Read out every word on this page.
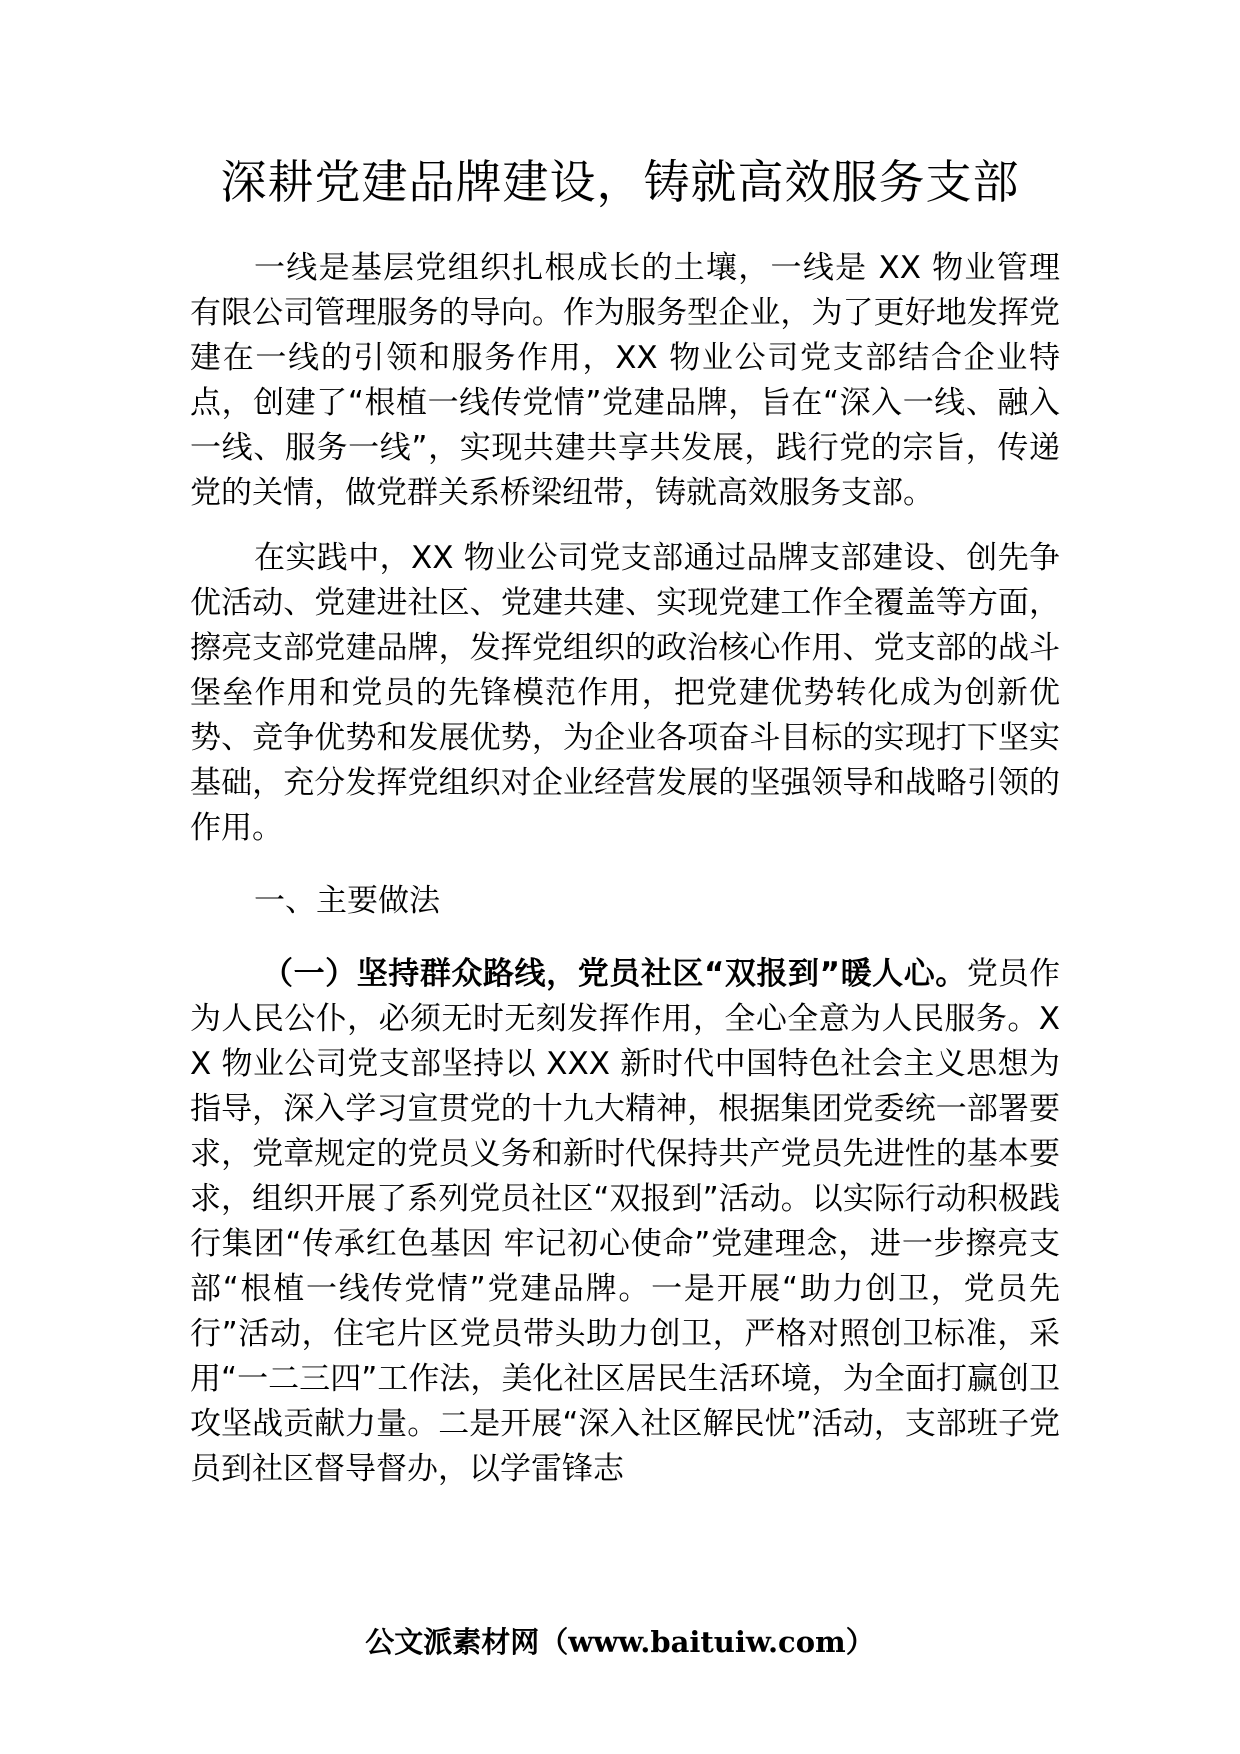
深耕党建品牌建设，铸就高效服务支部

一线是基层党组织扎根成长的土壤，一线是 XX 物业管理有限公司管理服务的导向。作为服务型企业，为了更好地发挥党建在一线的引领和服务作用，XX 物业公司党支部结合企业特点，创建了“根植一线传党情”党建品牌，旨在“深入一线、融入一线、服务一线”，实现共建共享共发展，践行党的宗旨，传递党的关情，做党群关系桥梁纽带，铸就高效服务支部。

在实践中，XX 物业公司党支部通过品牌支部建设、创先争优活动、党建进社区、党建共建、实现党建工作全覆盖等方面，擦亮支部党建品牌，发挥党组织的政治核心作用、党支部的战斗堡垒作用和党员的先锋模范作用，把党建优势转化成为创新优势、竞争优势和发展优势，为企业各项奋斗目标的实现打下坚实基础，充分发挥党组织对企业经营发展的坚强领导和战略引领的作用。

一、主要做法

（一）坚持群众路线，党员社区“双报到”暖人心。党员作为人民公仆，必须无时无刻发挥作用，全心全意为人民服务。XX 物业公司党支部坚持以 XXX 新时代中国特色社会主义思想为指导，深入学习宣贯党的十九大精神，根据集团党委统一部署要求，党章规定的党员义务和新时代保持共产党员先进性的基本要求，组织开展了系列党员社区“双报到”活动。以实际行动积极践行集团“传承红色基因 牢记初心使命”党建理念，进一步擦亮支部“根植一线传党情”党建品牌。一是开展“助力创卫，党员先行”活动，住宅片区党员带头助力创卫，严格对照创卫标准，采用“一二三四”工作法，美化社区居民生活环境，为全面打赢创卫攻坚战贡献力量。二是开展“深入社区解民忧”活动，支部班子党员到社区督导督办，以学雷锋志

公文派素材网（www.baituiw.com）
